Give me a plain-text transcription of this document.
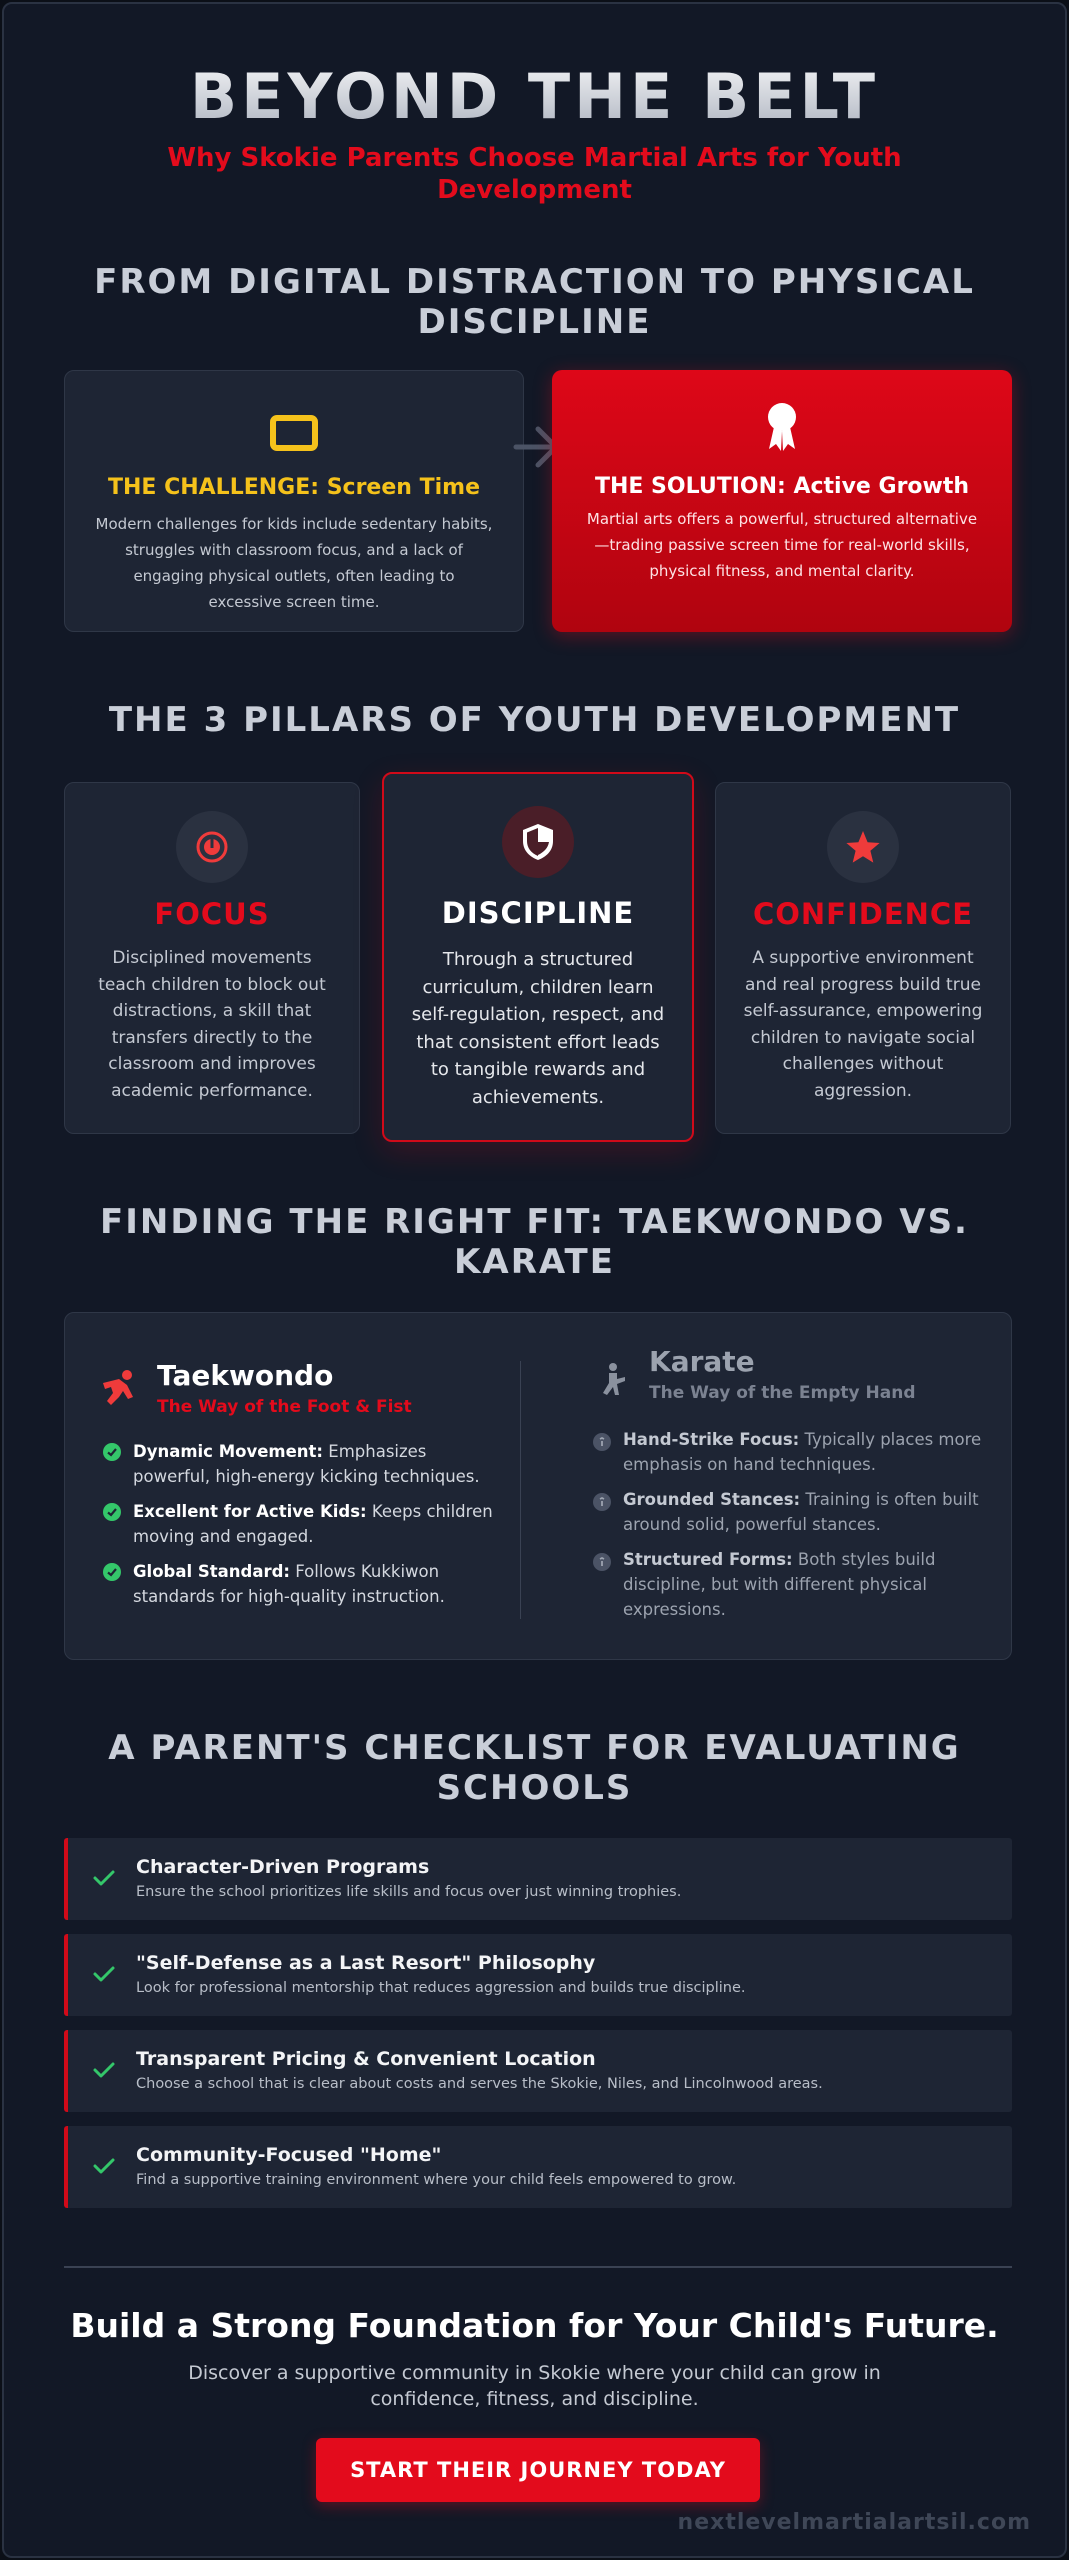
BEYOND THE BELT
Why Skokie Parents Choose Martial Arts for Youth Development
FROM DIGITAL DISTRACTION TO PHYSICAL DISCIPLINE
THE CHALLENGE: Screen Time
Modern challenges for kids include sedentary habits, struggles with classroom focus, and a lack of engaging physical outlets, often leading to excessive screen time.
THE SOLUTION: Active Growth
Martial arts offers a powerful, structured alternative—trading passive screen time for real-world skills, physical fitness, and mental clarity.
THE 3 PILLARS OF YOUTH DEVELOPMENT
FOCUS
Disciplined movements teach children to block out distractions, a skill that transfers directly to the classroom and improves academic performance.
DISCIPLINE
Through a structured curriculum, children learn self-regulation, respect, and that consistent effort leads to tangible rewards and achievements.
CONFIDENCE
A supportive environment and real progress build true self-assurance, empowering children to navigate social challenges without aggression.
FINDING THE RIGHT FIT: TAEKWONDO VS. KARATE
Taekwondo
The Way of the Foot & Fist
Dynamic Movement: Emphasizes powerful, high-energy kicking techniques.
Excellent for Active Kids: Keeps children moving and engaged.
Global Standard: Follows Kukkiwon standards for high-quality instruction.
Karate
The Way of the Empty Hand
Hand-Strike Focus: Typically places more emphasis on hand techniques.
Grounded Stances: Training is often built around solid, powerful stances.
Structured Forms: Both styles build discipline, but with different physical expressions.
A PARENT'S CHECKLIST FOR EVALUATING SCHOOLS
Character-Driven Programs
Ensure the school prioritizes life skills and focus over just winning trophies.
"Self-Defense as a Last Resort" Philosophy
Look for professional mentorship that reduces aggression and builds true discipline.
Transparent Pricing & Convenient Location
Choose a school that is clear about costs and serves the Skokie, Niles, and Lincolnwood areas.
Community-Focused "Home"
Find a supportive training environment where your child feels empowered to grow.
Build a Strong Foundation for Your Child's Future.
Discover a supportive community in Skokie where your child can grow in confidence, fitness, and discipline.
START THEIR JOURNEY TODAY
nextlevelmartialartsil.com
